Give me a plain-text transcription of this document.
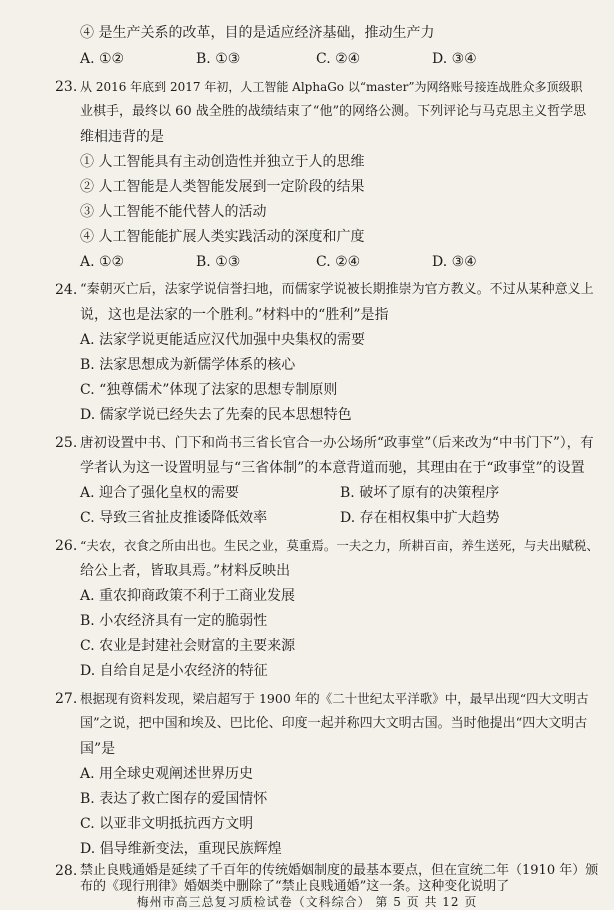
④ 是生产关系的改革，目的是适应经济基础，推动生产力
A. ①②	B. ①③	C. ②④	D. ③④
23. 从 2016 年底到 2017 年初，人工智能 AlphaGo 以“master”为网络账号接连战胜众多顶级职
业棋手，最终以 60 战全胜的战绩结束了“他”的网络公测。下列评论与马克思主义哲学思
维相违背的是
① 人工智能具有主动创造性并独立于人的思维
② 人工智能是人类智能发展到一定阶段的结果
③ 人工智能不能代替人的活动
④ 人工智能能扩展人类实践活动的深度和广度
A. ①②	B. ①③	C. ②④	D. ③④
24. “秦朝灭亡后，法家学说信誉扫地，而儒家学说被长期推崇为官方教义。不过从某种意义上
说，这也是法家的一个胜利。”材料中的“胜利”是指
A. 法家学说更能适应汉代加强中央集权的需要
B. 法家思想成为新儒学体系的核心
C. “独尊儒术”体现了法家的思想专制原则
D. 儒家学说已经失去了先秦的民本思想特色
25. 唐初设置中书、门下和尚书三省长官合一办公场所“政事堂”（后来改为“中书门下”），有
学者认为这一设置明显与“三省体制”的本意背道而驰，其理由在于“政事堂”的设置
A. 迎合了强化皇权的需要	B. 破坏了原有的决策程序
C. 导致三省扯皮推诿降低效率	D. 存在相权集中扩大趋势
26. “夫农，衣食之所由出也。生民之业，莫重焉。一夫之力，所耕百亩，养生送死，与夫出赋税、
给公上者，皆取具焉。”材料反映出
A. 重农抑商政策不利于工商业发展
B. 小农经济具有一定的脆弱性
C. 农业是封建社会财富的主要来源
D. 自给自足是小农经济的特征
27. 根据现有资料发现，梁启超写于 1900 年的《二十世纪太平洋歌》中，最早出现“四大文明古
国”之说，把中国和埃及、巴比伦、印度一起并称四大文明古国。当时他提出“四大文明古
国”是
A. 用全球史观阐述世界历史
B. 表达了救亡图存的爱国情怀
C. 以亚非文明抵抗西方文明
D. 倡导维新变法，重现民族辉煌
28. 禁止良贱通婚是延续了千百年的传统婚姻制度的最基本要点，但在宣统二年（1910 年）颁
布的《现行刑律》婚姻类中删除了“禁止良贱通婚”这一条。这种变化说明了
梅州市高三总复习质检试卷（文科综合） 第 5 页 共 12 页
